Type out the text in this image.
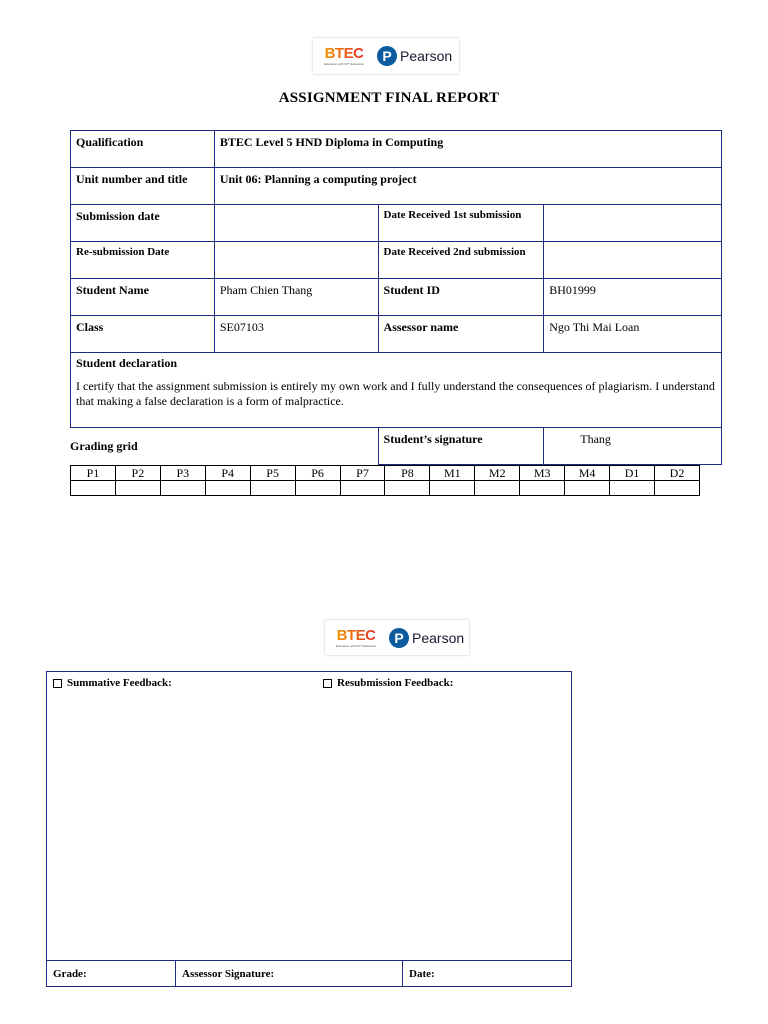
BTEC
Education with FPT Education	P Pearson
ASSIGNMENT FINAL REPORT
Qualification	BTEC Level 5 HND Diploma in Computing		
Unit number and title	Unit 06: Planning a computing project		
Submission date		Date Received 1st submission	
Re-submission Date		Date Received 2nd submission	
Student Name	Pham Chien Thang	Student ID	BH01999
Class	SE07103	Assessor name	Ngo Thi Mai Loan

Student declaration
I certify that the assignment submission is entirely my own work and I fully understand the consequences of plagiarism. I understand that making a false declaration is a form of malpractice.			

		Student’s signature	Thang
Grading grid
P1	P2	P3	P4	P5	P6	P7	P8	M1	M2	M3	M4	D1	D2

BTEC
Education with FPT Education	P Pearson
Summative Feedback:	Resubmission Feedback:
Grade:	Assessor Signature:	Date:
